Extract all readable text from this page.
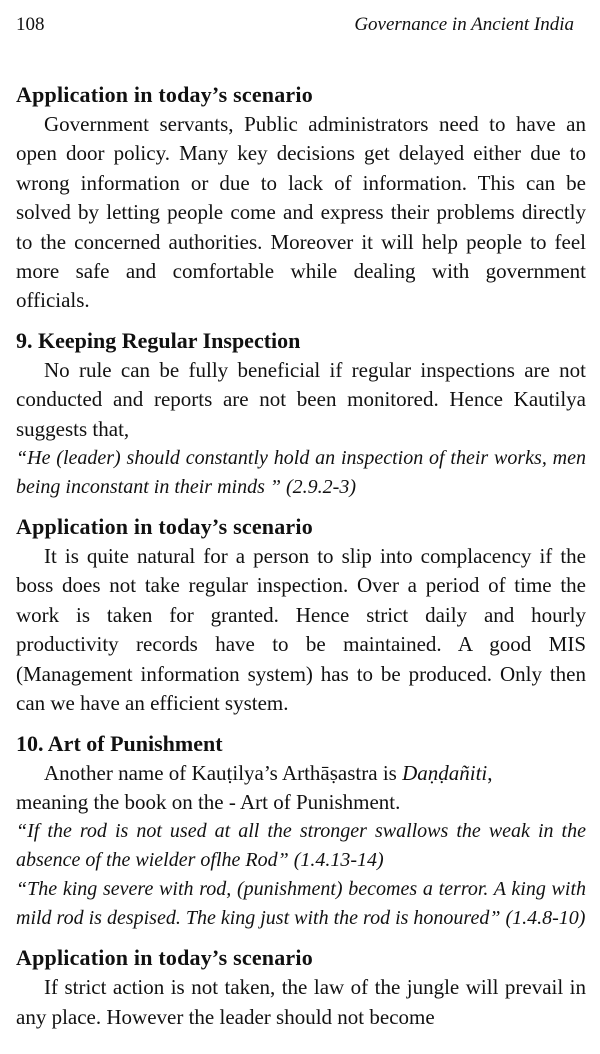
108	Governance in Ancient India
Application in today’s scenario

Government servants, Public administrators need to have an open door policy. Many key decisions get delayed either due to wrong information or due to lack of information. This can be solved by letting people come and express their problems directly to the concerned authorities. Moreover it will help people to feel more safe and comfortable while dealing with government officials.

9. Keeping Regular Inspection

No rule can be fully beneficial if regular inspections are not conducted and reports are not been monitored. Hence Kautilya suggests that,

“He (leader) should constantly hold an inspection of their works, men being inconstant in their minds ” (2.9.2-3)

Application in today’s scenario

It is quite natural for a person to slip into complacency if the boss does not take regular inspection. Over a period of time the work is taken for granted. Hence strict daily and hourly productivity records have to be maintained. A good MIS (Management information system) has to be produced. Only then can we have an efficient system.

10. Art of Punishment

Another name of Kauṭilya’s Arthāṣastra is Daṇḍañiti,

meaning the book on the - Art of Punishment.

“If the rod is not used at all the stronger swallows the weak in the absence of the wielder oflhe Rod” (1.4.13-14)

“The king severe with rod, (punishment) becomes a terror. A king with mild rod is despised. The king just with the rod is honoured” (1.4.8-10)

Application in today’s scenario

If strict action is not taken, the law of the jungle will prevail in any place. However the leader should not become
